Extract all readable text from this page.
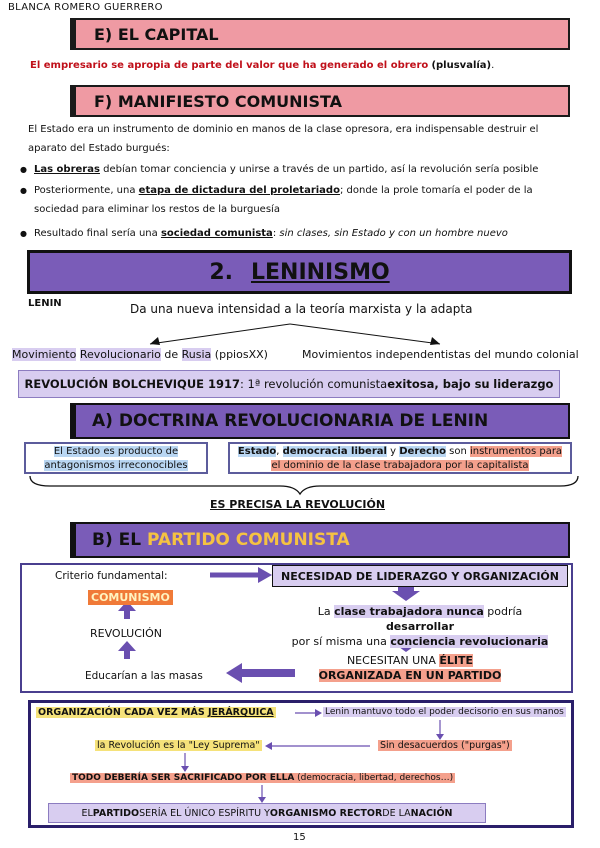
BLANCA ROMERO GUERRERO
E) EL CAPITAL
El empresario se apropia de parte del valor que ha generado el obrero (plusvalía).
F) MANIFIESTO COMUNISTA
El Estado era un instrumento de dominio en manos de la clase opresora, era indispensable destruir el
aparato del Estado burgués:
● Las obreras debían tomar conciencia y unirse a través de un partido, así la revolución sería posible
● Posteriormente, una etapa de dictadura del proletariado; donde la prole tomaría el poder de la
sociedad para eliminar los restos de la burguesía
● Resultado final sería una sociedad comunista: sin clases, sin Estado y con un hombre nuevo
2. LENINISMO
LENIN	Da una nueva intensidad a la teoría marxista y la adapta
Movimiento Revolucionario de Rusia (ppiosXX)	Movimientos independentistas del mundo colonial
REVOLUCIÓN BOLCHEVIQUE 1917 : 1ª revolución comunista exitosa, bajo su
liderazgo
A) DOCTRINA REVOLUCIONARIA DE LENIN
El Estado es producto de
antagonismos irreconocibles
Estado, democracia liberal y Derecho son instrumentos para
el dominio de la clase trabajadora por la capitalista
ES PRECISA LA REVOLUCIÓN
B) EL
PARTIDO COMUNISTA
Criterio fundamental:	NECESIDAD DE LIDERAZGO Y ORGANIZACIÓN
COMUNISMO
REVOLUCIÓN
Educarían a las masas
La clase trabajadora nunca podría desarrollar
por sí misma una conciencia revolucionaria
NECESITAN UNA ÉLITE
ORGANIZADA EN UN PARTIDO
ORGANIZACIÓN CADA VEZ MÁS JERÁRQUICA	Lenin mantuvo todo el poder decisorio en sus manos
la Revolución es la "Ley Suprema"	Sin desacuerdos ("purgas")
TODO DEBERÍA SER SACRIFICADO POR ELLA (democracia, libertad, derechos…)
EL PARTIDO SERÍA EL ÚNICO ESPÍRITU Y ORGANISMO RECTOR DE LA NACIÓN
15
